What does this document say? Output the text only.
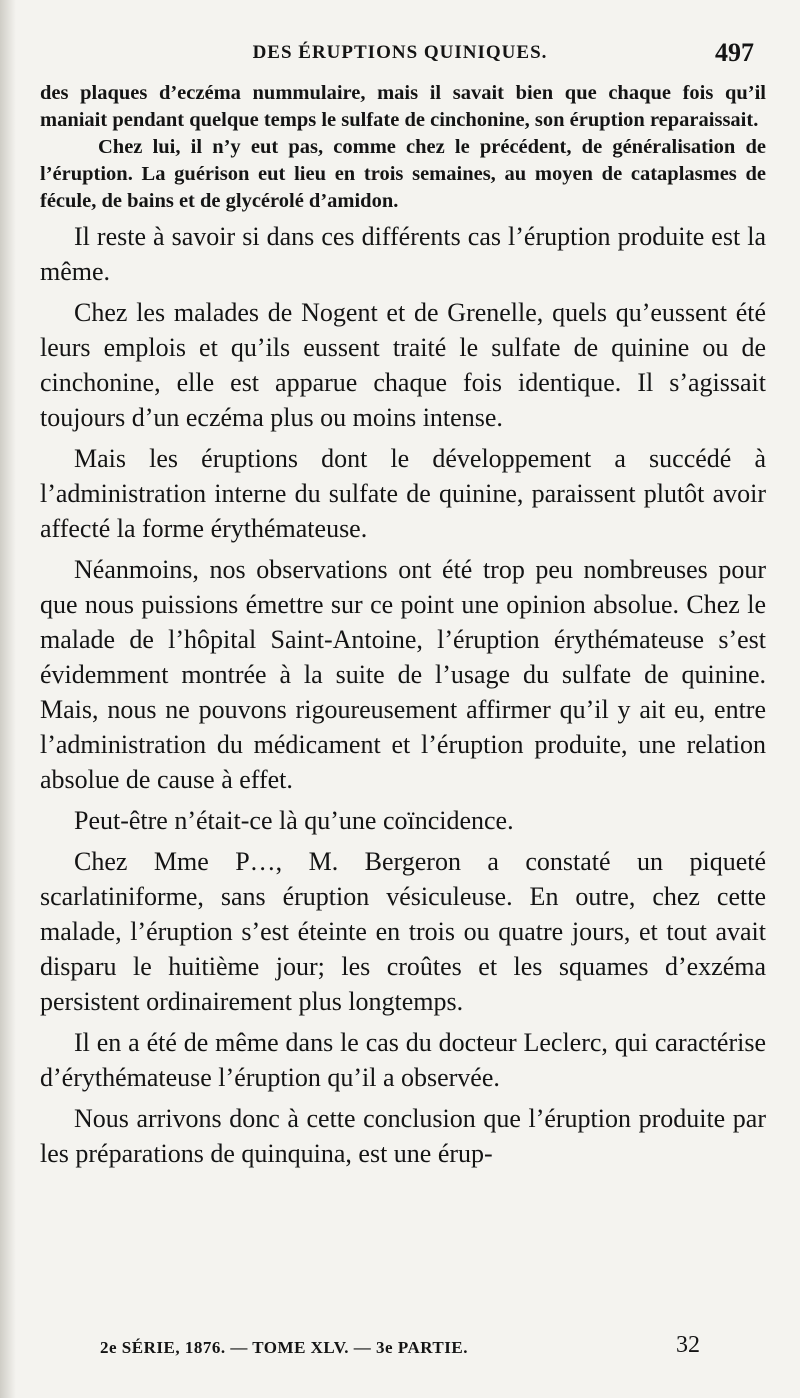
DES ÉRUPTIONS QUINIQUES.	497

des plaques d’eczéma nummulaire, mais il savait bien que chaque fois qu’il maniait pendant quelque temps le sulfate de cinchonine, son éruption reparaissait.

Chez lui, il n’y eut pas, comme chez le précédent, de généralisation de l’éruption. La guérison eut lieu en trois semaines, au moyen de cataplasmes de fécule, de bains et de glycérolé d’amidon.

Il reste à savoir si dans ces différents cas l’éruption produite est la même.

Chez les malades de Nogent et de Grenelle, quels qu’eussent été leurs emplois et qu’ils eussent traité le sulfate de quinine ou de cinchonine, elle est apparue chaque fois identique. Il s’agissait toujours d’un eczéma plus ou moins intense.

Mais les éruptions dont le développement a succédé à l’administration interne du sulfate de quinine, paraissent plutôt avoir affecté la forme érythémateuse.

Néanmoins, nos observations ont été trop peu nombreuses pour que nous puissions émettre sur ce point une opinion absolue. Chez le malade de l’hôpital Saint-Antoine, l’éruption érythémateuse s’est évidemment montrée à la suite de l’usage du sulfate de quinine. Mais, nous ne pouvons rigoureusement affirmer qu’il y ait eu, entre l’administration du médicament et l’éruption produite, une relation absolue de cause à effet.

Peut-être n’était-ce là qu’une coïncidence.

Chez Mme P…, M. Bergeron a constaté un piqueté scarlatiniforme, sans éruption vésiculeuse. En outre, chez cette malade, l’éruption s’est éteinte en trois ou quatre jours, et tout avait disparu le huitième jour; les croûtes et les squames d’exzéma persistent ordinairement plus longtemps.

Il en a été de même dans le cas du docteur Leclerc, qui caractérise d’érythémateuse l’éruption qu’il a observée.

Nous arrivons donc à cette conclusion que l’éruption produite par les préparations de quinquina, est une érup-

2e SÉRIE, 1876. — TOME XLV. — 3e PARTIE.	32
